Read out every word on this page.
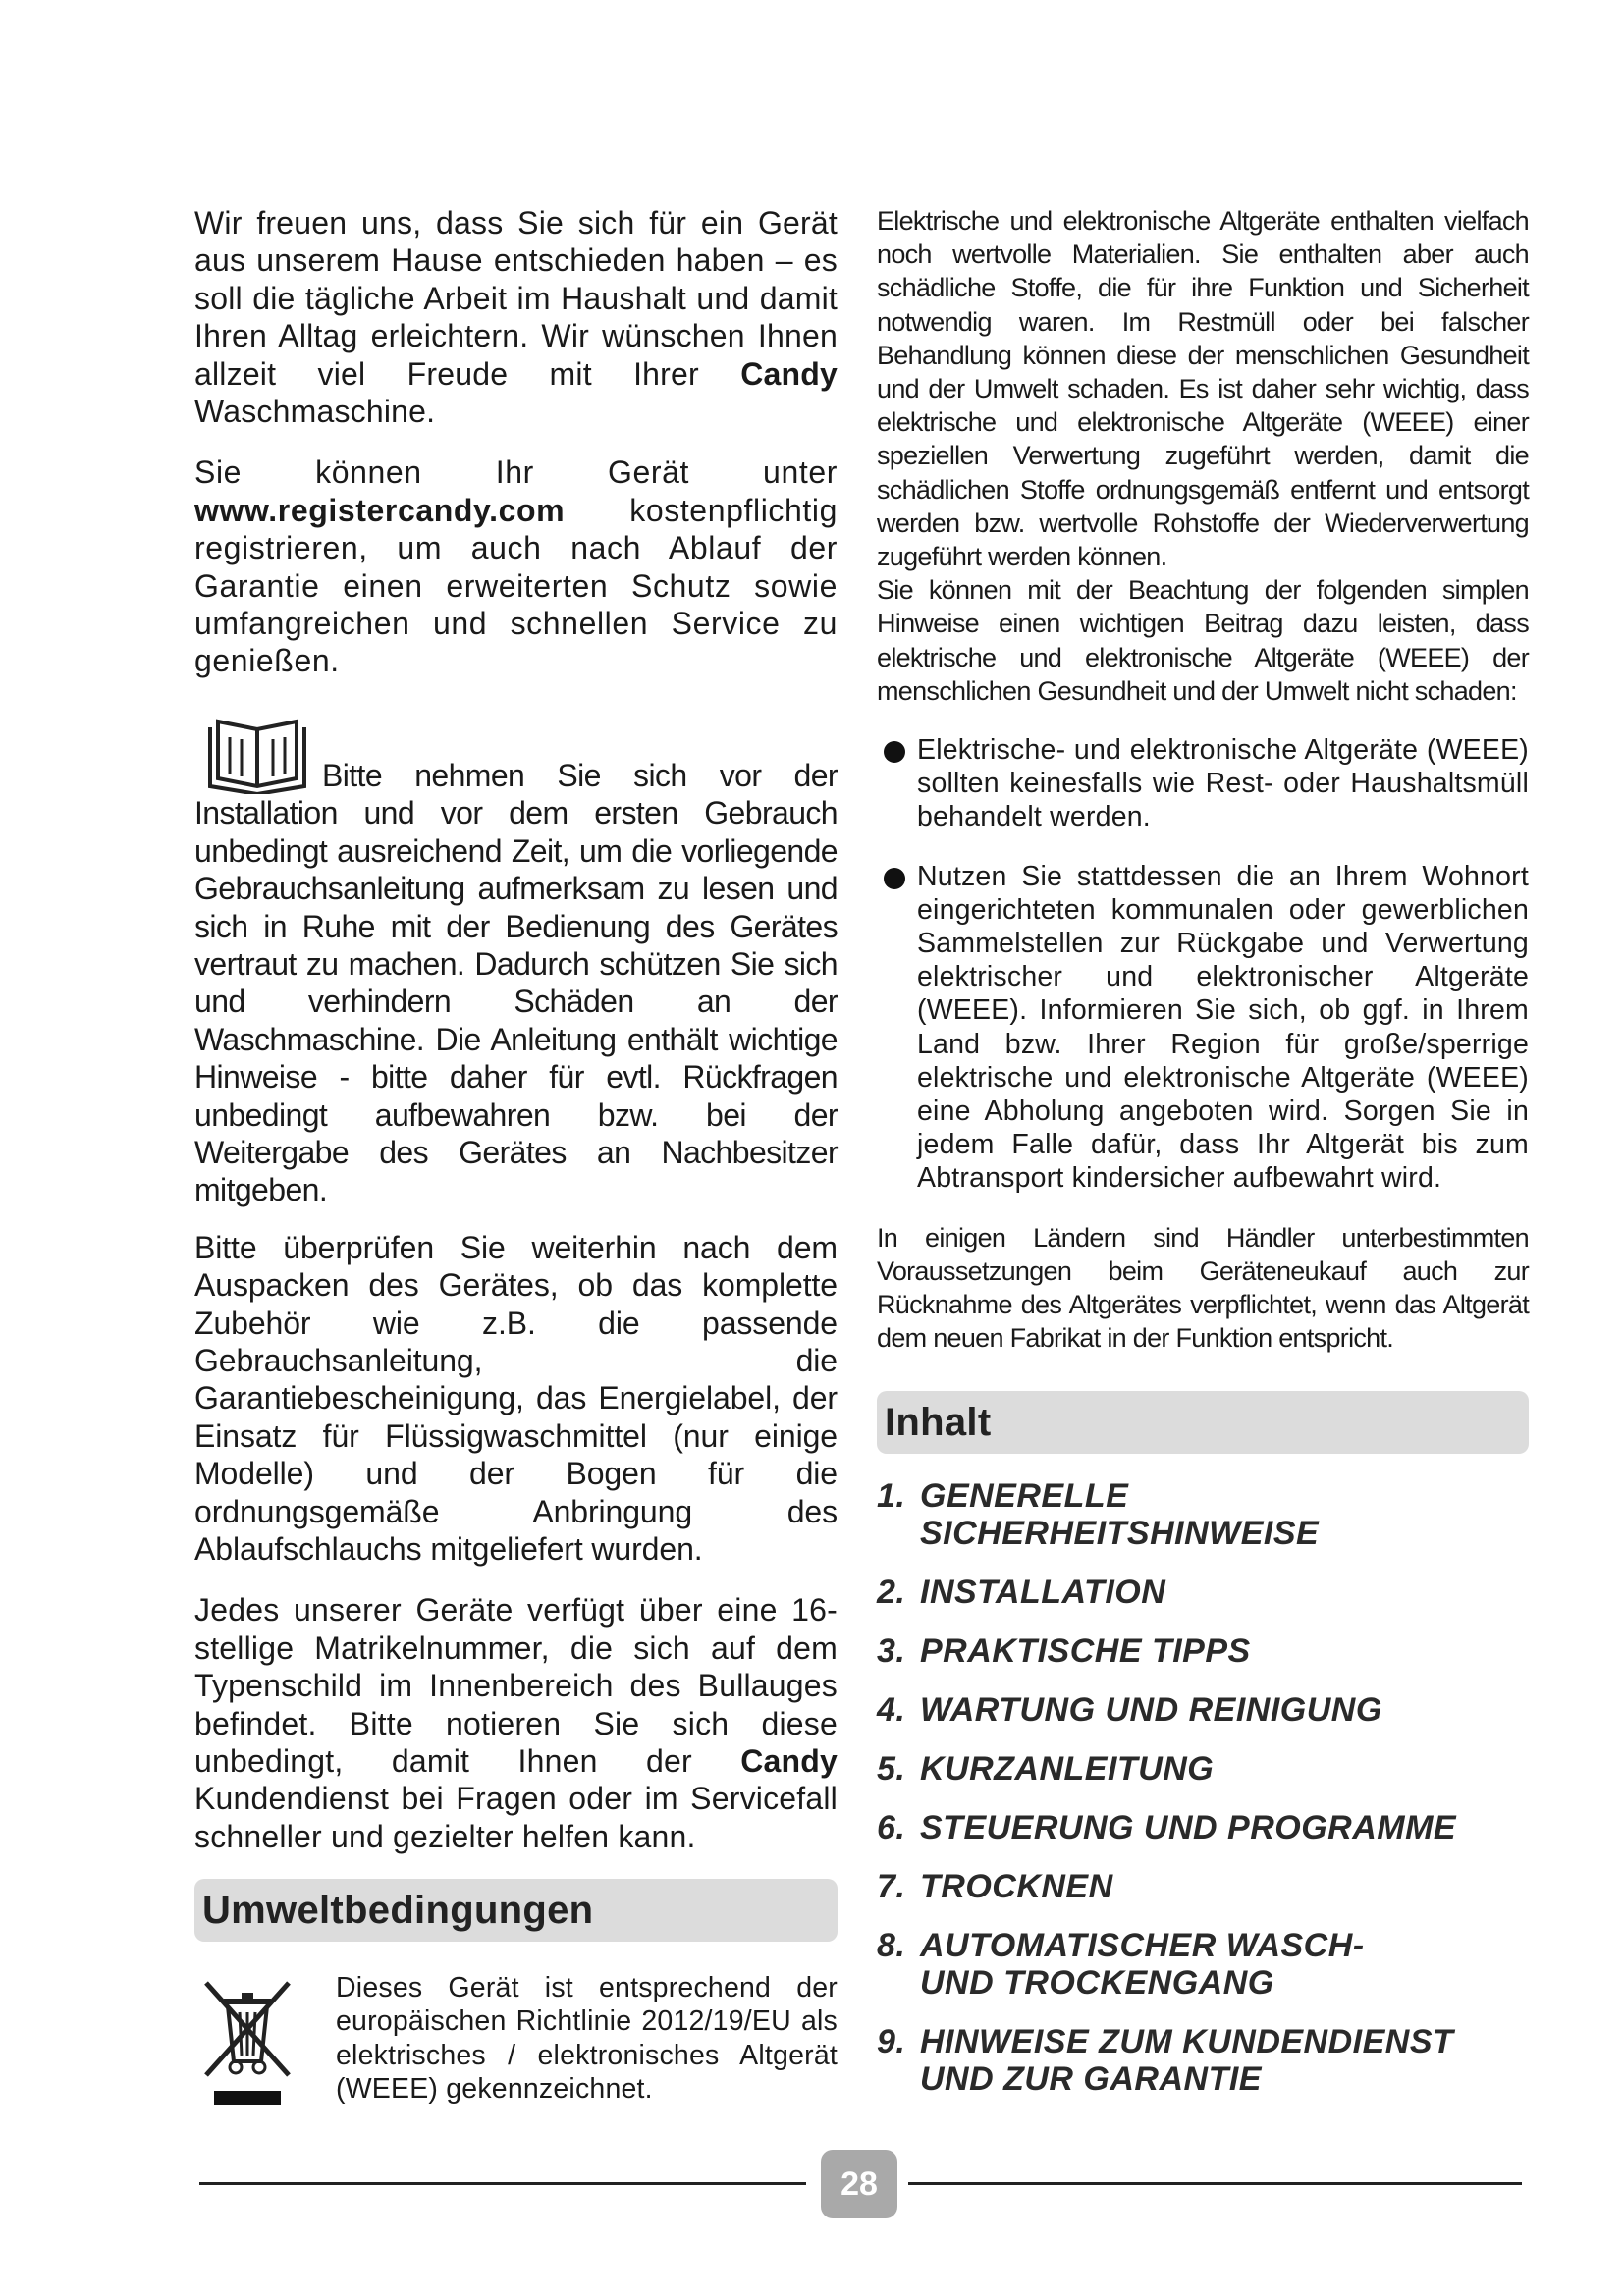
Wir freuen uns, dass Sie sich für ein Gerät aus unserem Hause entschieden haben – es soll die tägliche Arbeit im Haushalt und damit Ihren Alltag erleichtern. Wir wünschen Ihnen allzeit viel Freude mit Ihrer Candy Waschmaschine.

Sie können Ihr Gerät unter www.registercandy.com kostenpflichtig registrieren, um auch nach Ablauf der Garantie einen erweiterten Schutz sowie umfangreichen und schnellen Service zu genießen.

Bitte nehmen Sie sich vor der Installation und vor dem ersten Gebrauch unbedingt ausreichend Zeit, um die vorliegende Gebrauchsanleitung aufmerksam zu lesen und sich in Ruhe mit der Bedienung des Gerätes vertraut zu machen. Dadurch schützen Sie sich und verhindern Schäden an der Waschmaschine. Die Anleitung enthält wichtige Hinweise - bitte daher für evtl. Rückfragen unbedingt aufbewahren bzw. bei der Weitergabe des Gerätes an Nachbesitzer mitgeben.

Bitte überprüfen Sie weiterhin nach dem Auspacken des Gerätes, ob das komplette Zubehör wie z.B. die passende Gebrauchsanleitung, die Garantiebescheinigung, das Energielabel, der Einsatz für Flüssigwaschmittel (nur einige Modelle) und der Bogen für die ordnungsgemäße Anbringung des Ablaufschlauchs mitgeliefert wurden.

Jedes unserer Geräte verfügt über eine 16-stellige Matrikelnummer, die sich auf dem Typenschild im Innenbereich des Bullauges befindet. Bitte notieren Sie sich diese unbedingt, damit Ihnen der Candy Kundendienst bei Fragen oder im Servicefall schneller und gezielter helfen kann.

Umweltbedingungen

Dieses Gerät ist entsprechend der europäischen Richtlinie 2012/19/EU als elektrisches / elektronisches Altgerät (WEEE) gekennzeichnet.

Elektrische und elektronische Altgeräte enthalten vielfach noch wertvolle Materialien. Sie enthalten aber auch schädliche Stoffe, die für ihre Funktion und Sicherheit notwendig waren. Im Restmüll oder bei falscher Behandlung können diese der menschlichen Gesundheit und der Umwelt schaden. Es ist daher sehr wichtig, dass elektrische und elektronische Altgeräte (WEEE) einer speziellen Verwertung zugeführt werden, damit die schädlichen Stoffe ordnungsgemäß entfernt und entsorgt werden bzw. wertvolle Rohstoffe der Wiederverwertung zugeführt werden können.

Sie können mit der Beachtung der folgenden simplen Hinweise einen wichtigen Beitrag dazu leisten, dass elektrische und elektronische Altgeräte (WEEE) der menschlichen Gesundheit und der Umwelt nicht schaden:

Elektrische- und elektronische Altgeräte (WEEE) sollten keinesfalls wie Rest- oder Haushaltsmüll behandelt werden.

Nutzen Sie stattdessen die an Ihrem Wohnort eingerichteten kommunalen oder gewerblichen Sammelstellen zur Rückgabe und Verwertung elektrischer und elektronischer Altgeräte (WEEE). Informieren Sie sich, ob ggf. in Ihrem Land bzw. Ihrer Region für große/sperrige elektrische und elektronische Altgeräte (WEEE) eine Abholung angeboten wird. Sorgen Sie in jedem Falle dafür, dass Ihr Altgerät bis zum Abtransport kindersicher aufbewahrt wird.

In einigen Ländern sind Händler unterbestimmten Voraussetzungen beim Geräteneukauf auch zur Rücknahme des Altgerätes verpflichtet, wenn das Altgerät dem neuen Fabrikat in der Funktion entspricht.

Inhalt
1. GENERELLE SICHERHEITSHINWEISE
2. INSTALLATION
3. PRAKTISCHE TIPPS
4. WARTUNG UND REINIGUNG
5. KURZANLEITUNG
6. STEUERUNG UND PROGRAMME
7. TROCKNEN
8. AUTOMATISCHER WASCH- UND TROCKENGANG
9. HINWEISE ZUM KUNDENDIENST UND ZUR GARANTIE
28
